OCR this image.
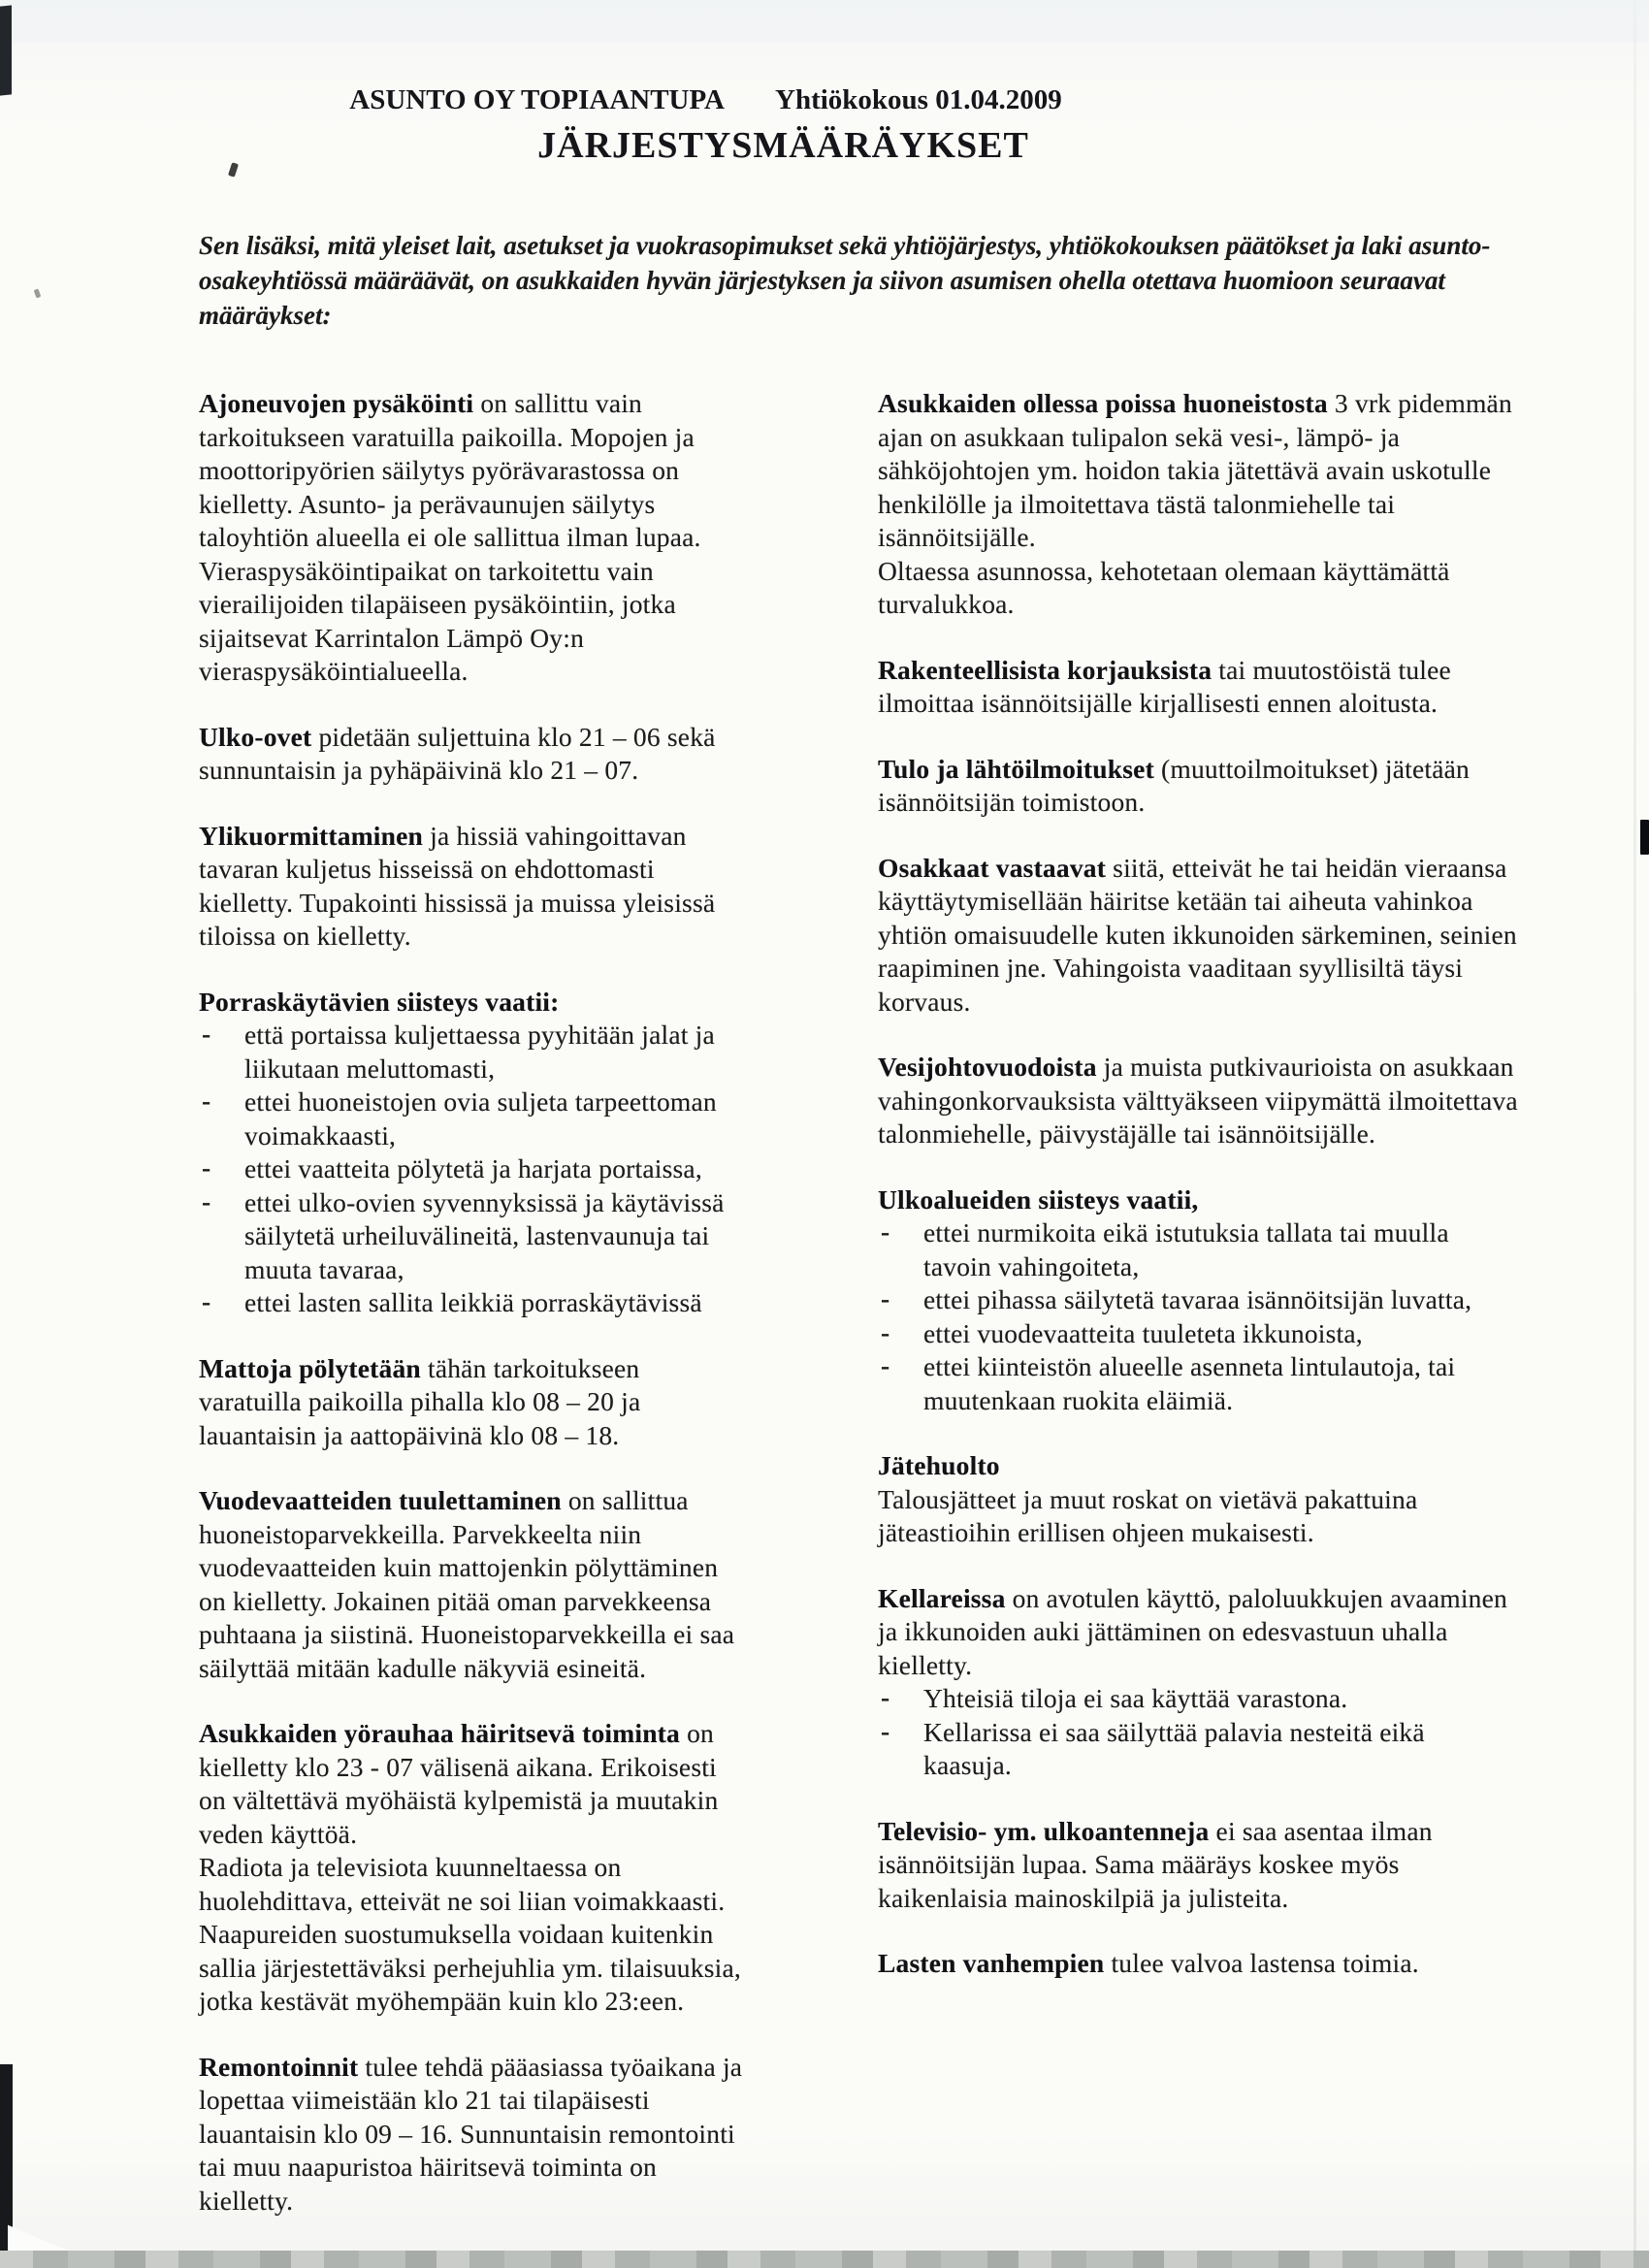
ASUNTO OY TOPIAANTUPA Yhtiökokous 01.04.2009
JÄRJESTYSMÄÄRÄYKSET

Sen lisäksi, mitä yleiset lait, asetukset ja vuokrasopimukset sekä yhtiöjärjestys, yhtiökokouksen päätökset ja laki asunto-osakeyhtiössä määräävät, on asukkaiden hyvän järjestyksen ja siivon asumisen ohella otettava huomioon seuraavat määräykset:

Ajoneuvojen pysäköinti on sallittu vain tarkoitukseen varatuilla paikoilla. Mopojen ja moottoripyörien säilytys pyörävarastossa on kielletty. Asunto- ja perävaunujen säilytys taloyhtiön alueella ei ole sallittua ilman lupaa. Vieraspysäköintipaikat on tarkoitettu vain vierailijoiden tilapäiseen pysäköintiin, jotka sijaitsevat Karrintalon Lämpö Oy:n vieraspysäköintialueella.

Ulko-ovet pidetään suljettuina klo 21 – 06 sekä sunnuntaisin ja pyhäpäivinä klo 21 – 07.

Ylikuormittaminen ja hissiä vahingoittavan tavaran kuljetus hisseissä on ehdottomasti kielletty. Tupakointi hississä ja muissa yleisissä tiloissa on kielletty.

Porraskäytävien siisteys vaatii:

- että portaissa kuljettaessa pyyhitään jalat ja liikutaan meluttomasti,
- ettei huoneistojen ovia suljeta tarpeettoman voimakkaasti,
- ettei vaatteita pölytetä ja harjata portaissa,
- ettei ulko-ovien syvennyksissä ja käytävissä säilytetä urheiluvälineitä, lastenvaunuja tai muuta tavaraa,
- ettei lasten sallita leikkiä porraskäytävissä

Mattoja pölytetään tähän tarkoitukseen varatuilla paikoilla pihalla klo 08 – 20 ja lauantaisin ja aattopäivinä klo 08 – 18.

Vuodevaatteiden tuulettaminen on sallittua huoneistoparvekkeilla. Parvekkeelta niin vuodevaatteiden kuin mattojenkin pölyttäminen on kielletty. Jokainen pitää oman parvekkeensa puhtaana ja siistinä. Huoneistoparvekkeilla ei saa säilyttää mitään kadulle näkyviä esineitä.

Asukkaiden yörauhaa häiritsevä toiminta on kielletty klo 23 - 07 välisenä aikana. Erikoisesti on vältettävä myöhäistä kylpemistä ja muutakin veden käyttöä.
Radiota ja televisiota kuunneltaessa on huolehdittava, etteivät ne soi liian voimakkaasti. Naapureiden suostumuksella voidaan kuitenkin sallia järjestettäväksi perhejuhlia ym. tilaisuuksia, jotka kestävät myöhempään kuin klo 23:een.

Remontoinnit tulee tehdä pääasiassa työaikana ja lopettaa viimeistään klo 21 tai tilapäisesti lauantaisin klo 09 – 16. Sunnuntaisin remontointi tai muu naapuristoa häiritsevä toiminta on kielletty.

Asukkaiden ollessa poissa huoneistosta 3 vrk pidemmän ajan on asukkaan tulipalon sekä vesi-, lämpö- ja sähköjohtojen ym. hoidon takia jätettävä avain uskotulle henkilölle ja ilmoitettava tästä talonmiehelle tai isännöitsijälle.
Oltaessa asunnossa, kehotetaan olemaan käyttämättä turvalukkoa.

Rakenteellisista korjauksista tai muutostöistä tulee ilmoittaa isännöitsijälle kirjallisesti ennen aloitusta.

Tulo ja lähtöilmoitukset (muuttoilmoitukset) jätetään isännöitsijän toimistoon.

Osakkaat vastaavat siitä, etteivät he tai heidän vieraansa käyttäytymisellään häiritse ketään tai aiheuta vahinkoa yhtiön omaisuudelle kuten ikkunoiden särkeminen, seinien raapiminen jne. Vahingoista vaaditaan syyllisiltä täysi korvaus.

Vesijohtovuodoista ja muista putkivaurioista on asukkaan vahingonkorvauksista välttyäkseen viipymättä ilmoitettava talonmiehelle, päivystäjälle tai isännöitsijälle.

Ulkoalueiden siisteys vaatii,

- ettei nurmikoita eikä istutuksia tallata tai muulla tavoin vahingoiteta,
- ettei pihassa säilytetä tavaraa isännöitsijän luvatta,
- ettei vuodevaatteita tuuleteta ikkunoista,
- ettei kiinteistön alueelle asenneta lintulautoja, tai muutenkaan ruokita eläimiä.

Jätehuolto
Talousjätteet ja muut roskat on vietävä pakattuina jäteastioihin erillisen ohjeen mukaisesti.

Kellareissa on avotulen käyttö, paloluukkujen avaaminen ja ikkunoiden auki jättäminen on edesvastuun uhalla kielletty.

- Yhteisiä tiloja ei saa käyttää varastona.
- Kellarissa ei saa säilyttää palavia nesteitä eikä kaasuja.

Televisio- ym. ulkoantenneja ei saa asentaa ilman isännöitsijän lupaa. Sama määräys koskee myös kaikenlaisia mainoskilpiä ja julisteita.

Lasten vanhempien tulee valvoa lastensa toimia.
